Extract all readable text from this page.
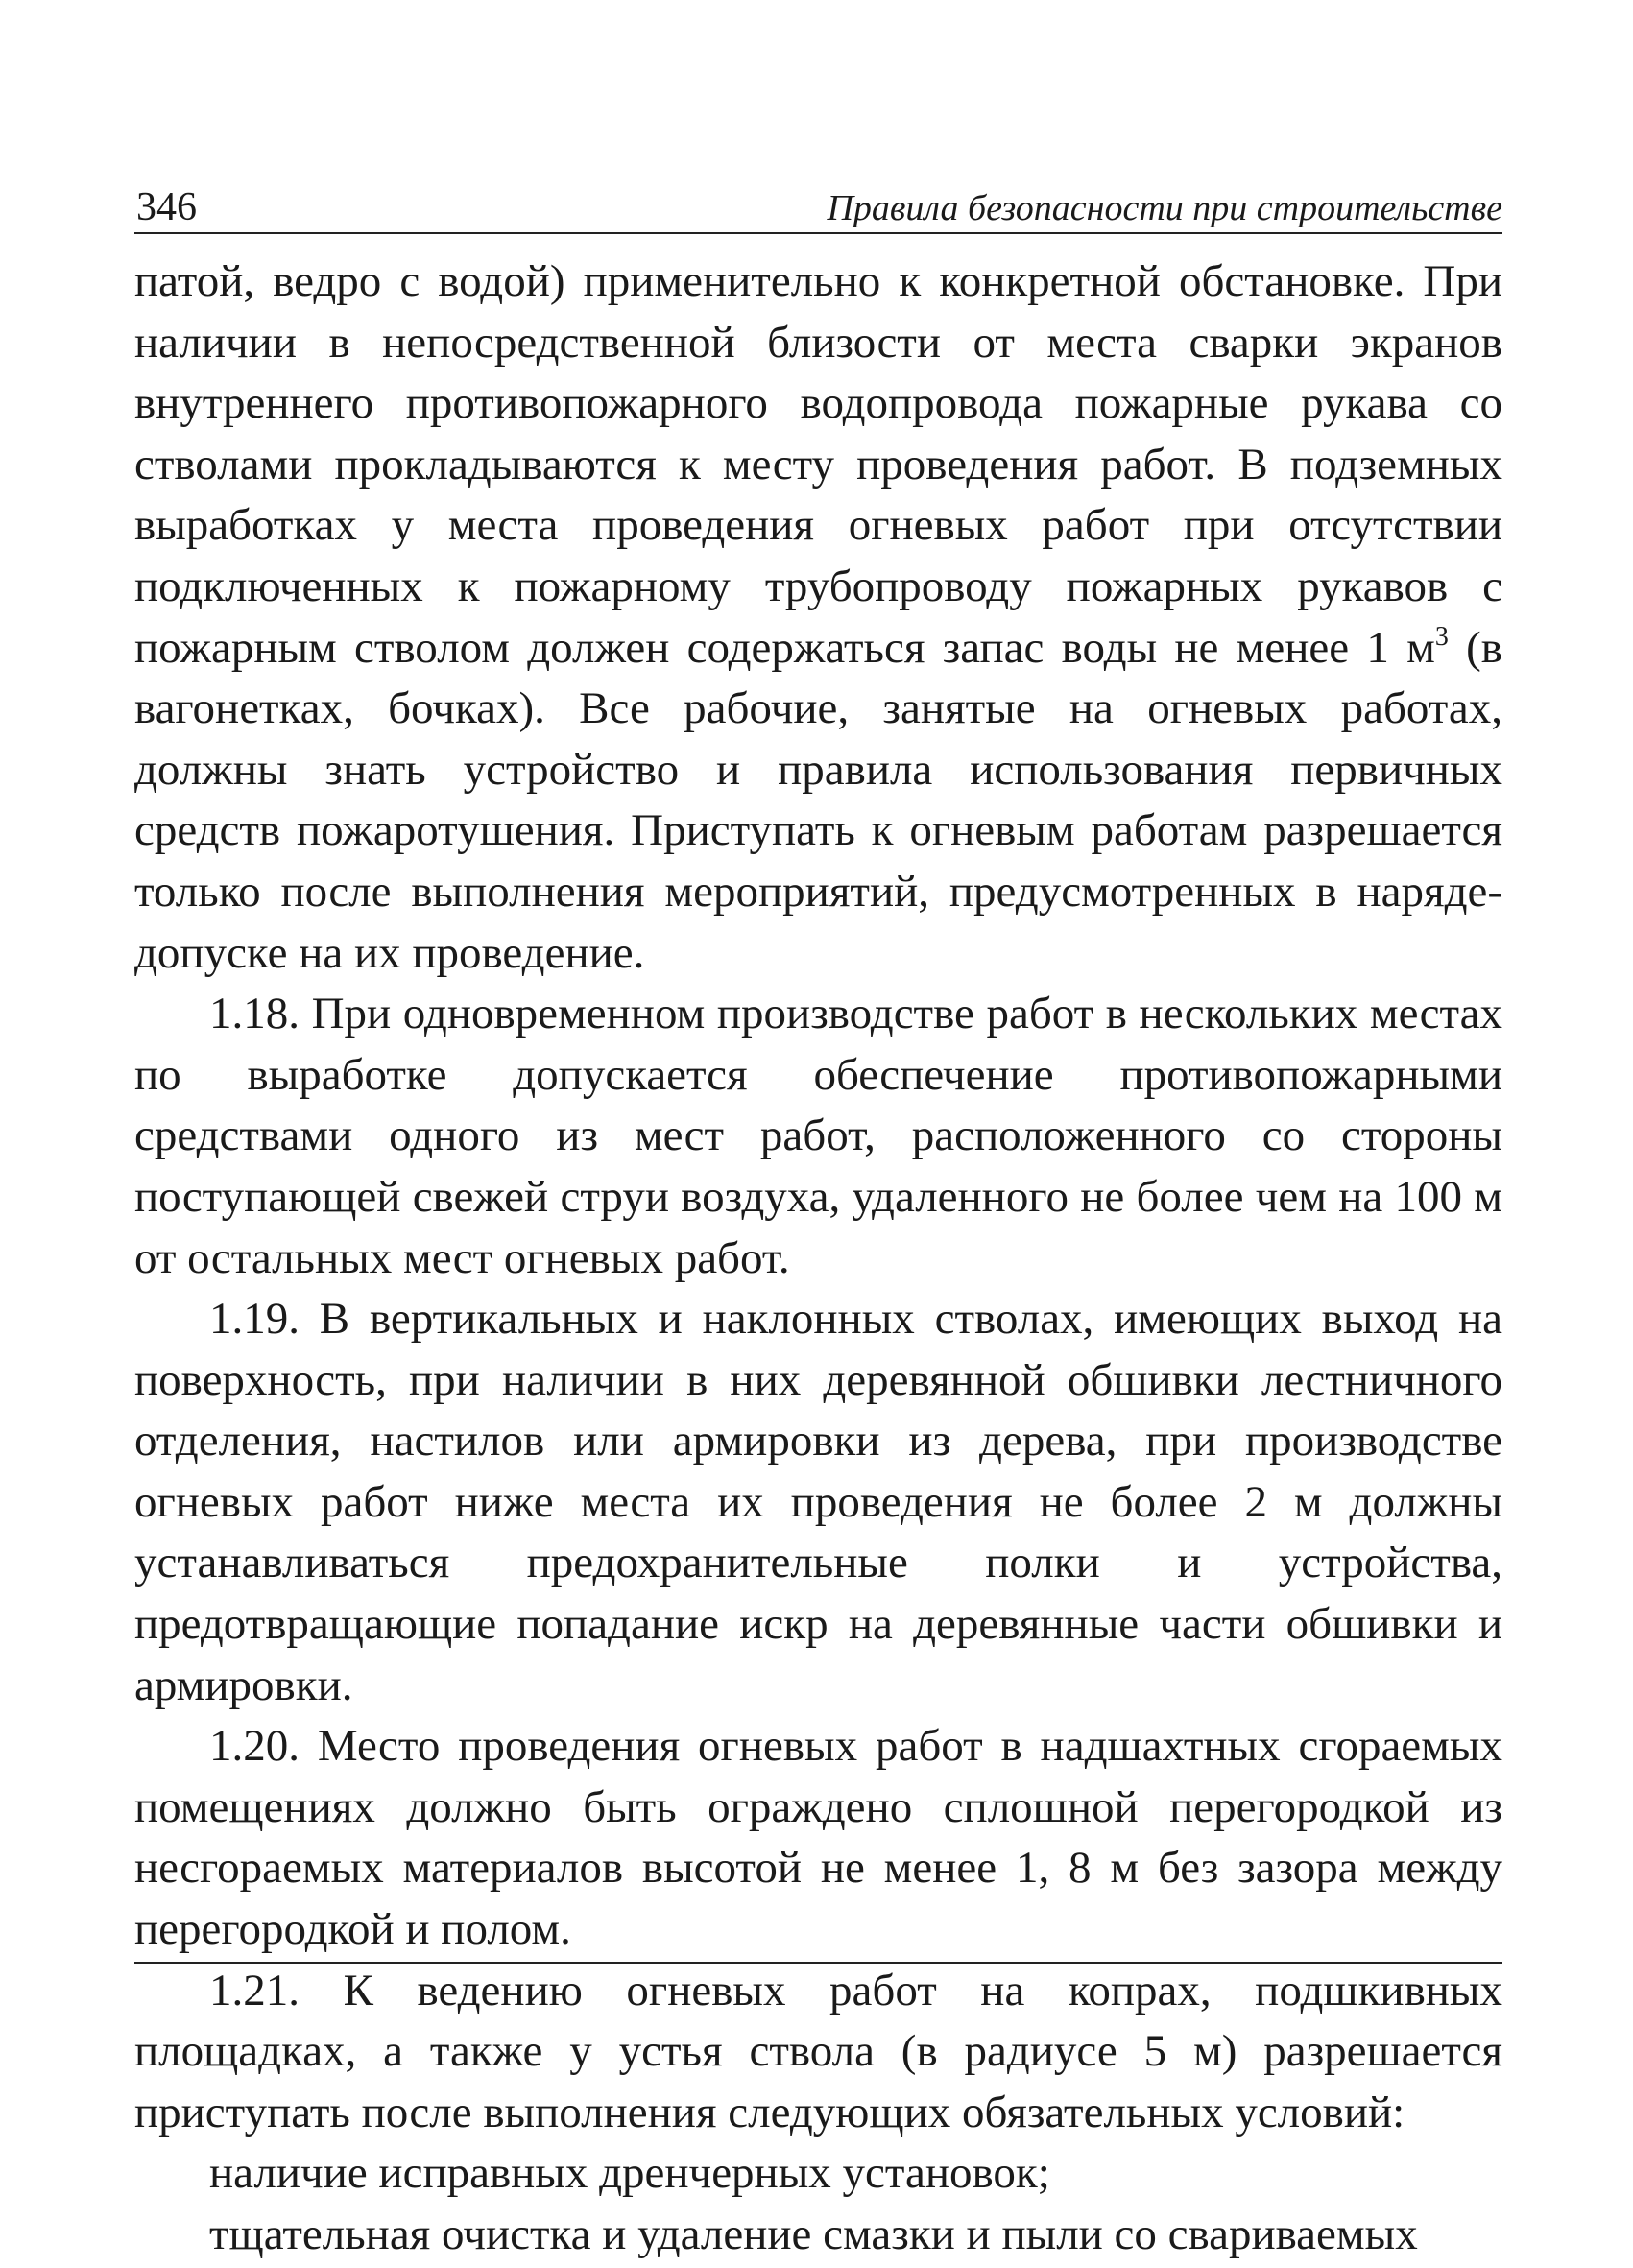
346	Правила безопасности при строительстве

патой, ведро с водой) применительно к конкретной обстановке. При наличии в непосредственной близости от места сварки экранов внутреннего противопожарного водопровода пожарные рукава со стволами прокладываются к месту проведения работ. В подземных выработках у места проведения огневых работ при отсутствии подключенных к пожарному трубопроводу пожарных рукавов с пожарным стволом должен содержаться запас воды не менее 1 $м^3$ (в вагонетках, бочках). Все рабочие, занятые на огневых работах, должны знать устройство и правила использования первичных средств пожаротушения. Приступать к огневым работам разрешается только после выполнения мероприятий, предусмотренных в наряде-допуске на их проведение.

1.18. При одновременном производстве работ в нескольких местах по выработке допускается обеспечение противопожарными средствами одного из мест работ, расположенного со стороны поступающей свежей струи воздуха, удаленного не более чем на 100 м от остальных мест огневых работ.

1.19. В вертикальных и наклонных стволах, имеющих выход на поверхность, при наличии в них деревянной обшивки лестничного отделения, настилов или армировки из дерева, при производстве огневых работ ниже места их проведения не более 2 м должны устанавливаться предохранительные полки и устройства, предотвращающие попадание искр на деревянные части обшивки и армировки.

1.20. Место проведения огневых работ в надшахтных сгораемых помещениях должно быть ограждено сплошной перегородкой из несгораемых материалов высотой не менее 1, 8 м без зазора между перегородкой и полом.

1.21. К ведению огневых работ на копрах, подшкивных площадках, а также у устья ствола (в радиусе 5 м) разрешается приступать после выполнения следующих обязательных условий:

наличие исправных дренчерных установок;

тщательная очистка и удаление смазки и пыли со свариваемых
